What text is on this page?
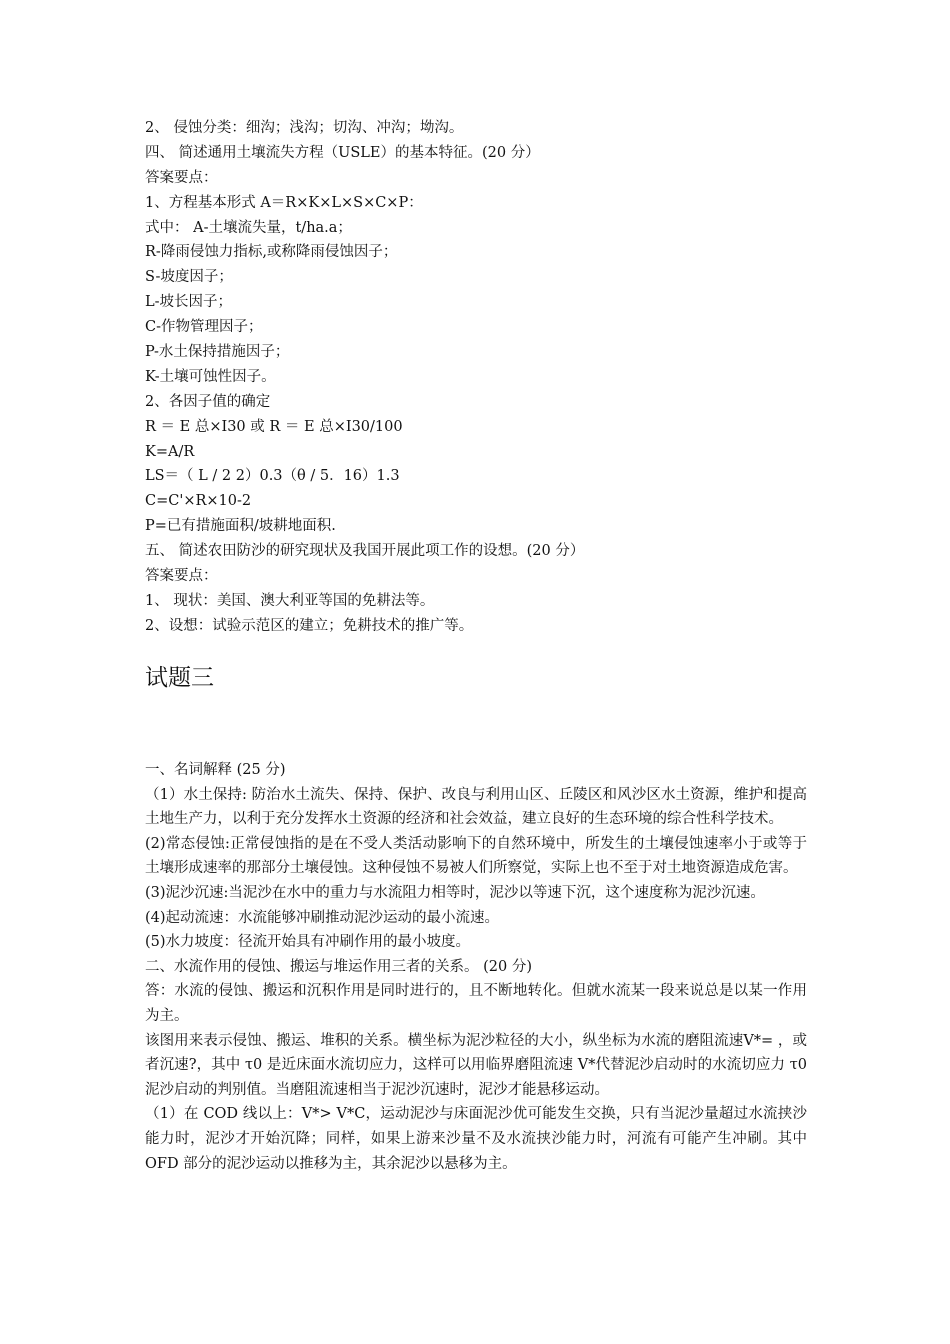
2、 侵蚀分类：细沟；浅沟；切沟、冲沟；坳沟。
四、 简述通用土壤流失方程（USLE）的基本特征。(20 分）
答案要点：
1、方程基本形式 A＝R×K×L×S×C×P：
式中： A-土壤流失量，t/ha.a；
R-降雨侵蚀力指标,或称降雨侵蚀因子；
S-坡度因子；
L-坡长因子；
C-作物管理因子；
P-水土保持措施因子；
K-土壤可蚀性因子。
2、各因子值的确定
R ＝ E 总×I30 或 R ＝ E 总×I30/100
K=A/R
LS＝（ L / 2 2）0.3（θ / 5．16）1.3
C=C'×R×10-2
P=已有措施面积/坡耕地面积.
五、 简述农田防沙的研究现状及我国开展此项工作的设想。(20 分）
答案要点：
1、 现状：美国、澳大利亚等国的免耕法等。
2、设想：试验示范区的建立；免耕技术的推广等。
试题三
一、名词解释 (25 分)
（1）水土保持: 防治水土流失、保持、保护、改良与利用山区、丘陵区和风沙区水土资源，维护和提高土地生产力，以利于充分发挥水土资源的经济和社会效益，建立良好的生态环境的综合性科学技术。
(2)常态侵蚀:正常侵蚀指的是在不受人类活动影响下的自然环境中，所发生的土壤侵蚀速率小于或等于土壤形成速率的那部分土壤侵蚀。这种侵蚀不易被人们所察觉，实际上也不至于对土地资源造成危害。
(3)泥沙沉速:当泥沙在水中的重力与水流阻力相等时，泥沙以等速下沉，这个速度称为泥沙沉速。
(4)起动流速：水流能够冲刷推动泥沙运动的最小流速。
(5)水力坡度：径流开始具有冲刷作用的最小坡度。
二、水流作用的侵蚀、搬运与堆运作用三者的关系。 (20 分)
答：水流的侵蚀、搬运和沉积作用是同时进行的，且不断地转化。但就水流某一段来说总是以某一作用为主。
该图用来表示侵蚀、搬运、堆积的关系。横坐标为泥沙粒径的大小，纵坐标为水流的磨阻流速V*= ，或者沉速?，其中 τ0 是近床面水流切应力，这样可以用临界磨阻流速 V*代替泥沙启动时的水流切应力 τ0 泥沙启动的判别值。当磨阻流速相当于泥沙沉速时，泥沙才能悬移运动。
（1）在 COD 线以上：V*> V*C，运动泥沙与床面泥沙优可能发生交换，只有当泥沙量超过水流挟沙能力时，泥沙才开始沉降；同样，如果上游来沙量不及水流挟沙能力时，河流有可能产生冲刷。其中 OFD 部分的泥沙运动以推移为主，其余泥沙以悬移为主。
